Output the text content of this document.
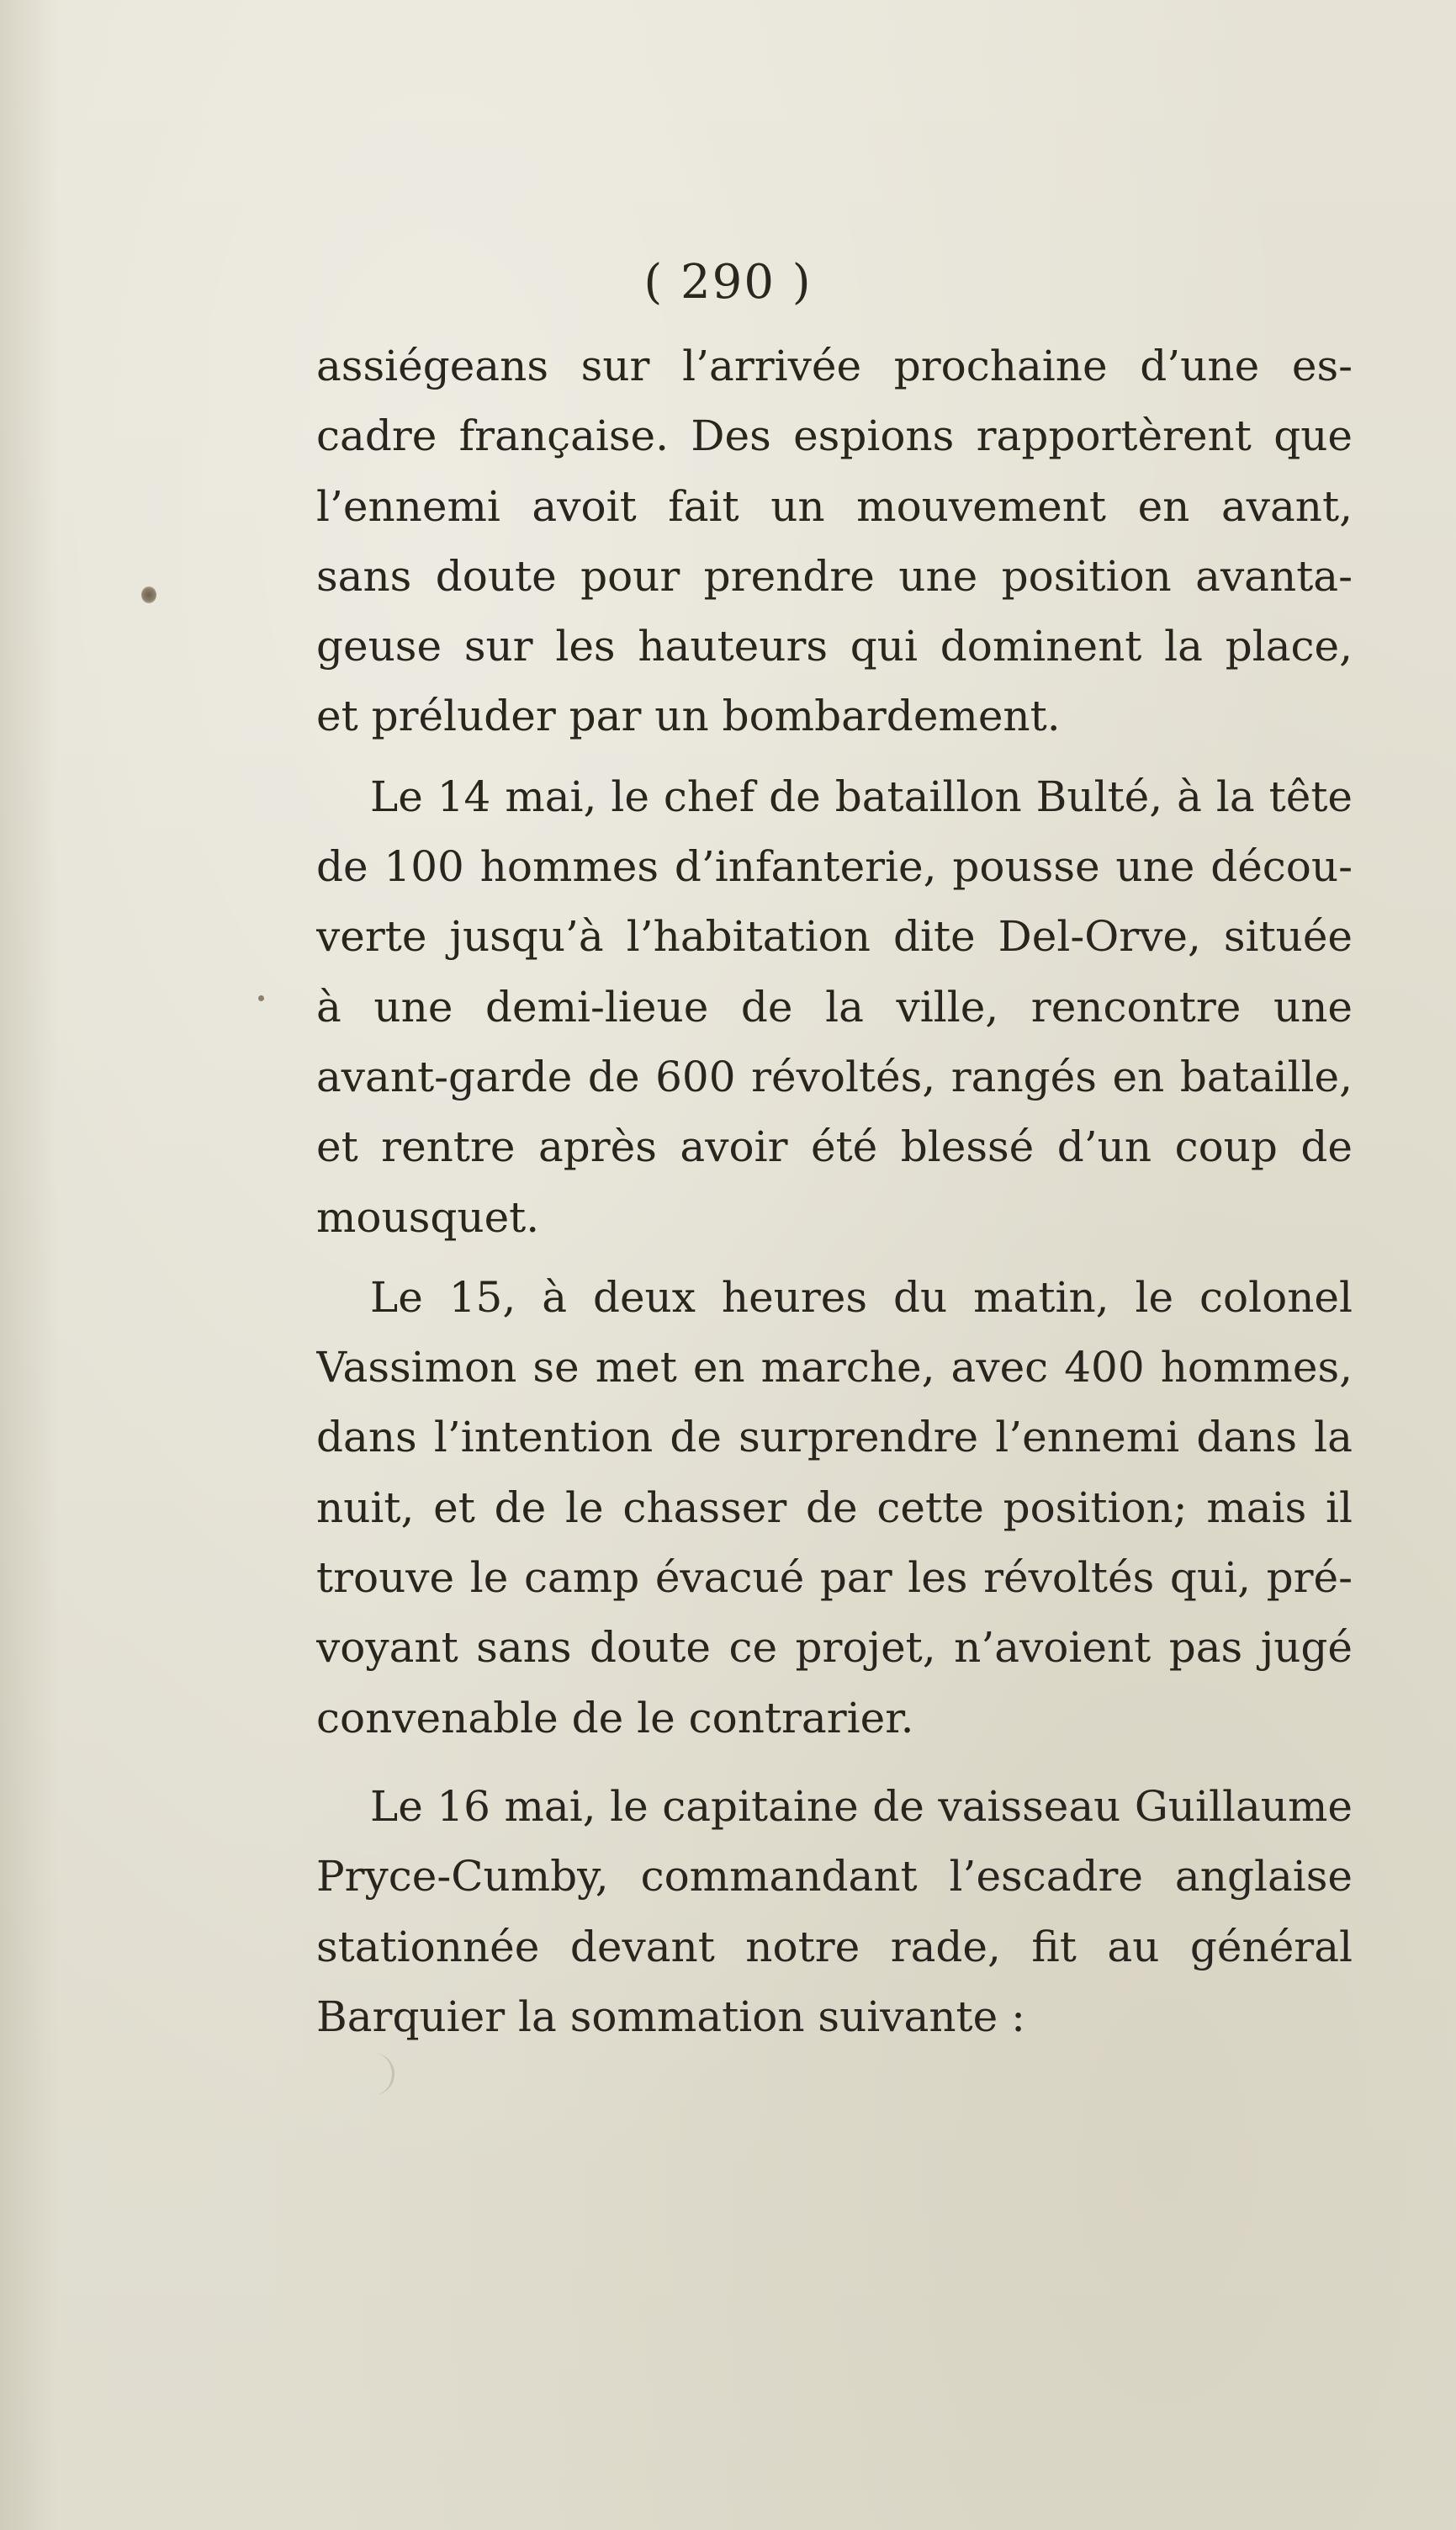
( 290 )
assiégeans sur l’arrivée prochaine d’une es-
cadre française. Des espions rapportèrent que
l’ennemi avoit fait un mouvement en avant,
sans doute pour prendre une position avanta-
geuse sur les hauteurs qui dominent la place,
et préluder par un bombardement.
Le 14 mai, le chef de bataillon Bulté, à la tête
de 100 hommes d’infanterie, pousse une décou-
verte jusqu’à l’habitation dite Del-Orve, située
à une demi-lieue de la ville, rencontre une
avant-garde de 600 révoltés, rangés en bataille,
et rentre après avoir été blessé d’un coup de
mousquet.
Le 15, à deux heures du matin, le colonel
Vassimon se met en marche, avec 400 hommes,
dans l’intention de surprendre l’ennemi dans la
nuit, et de le chasser de cette position; mais il
trouve le camp évacué par les révoltés qui, pré-
voyant sans doute ce projet, n’avoient pas jugé
convenable de le contrarier.
Le 16 mai, le capitaine de vaisseau Guillaume
Pryce-Cumby, commandant l’escadre anglaise
stationnée devant notre rade, fit au général
Barquier la sommation suivante :
